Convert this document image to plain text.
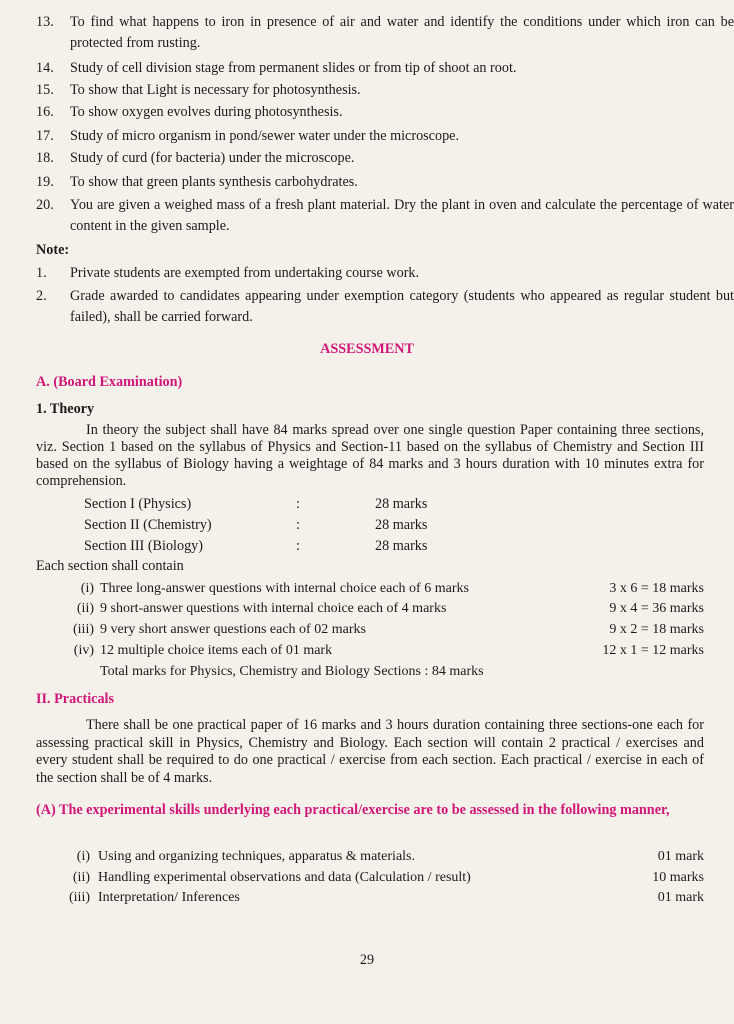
13.	To find what happens to iron in presence of air and water and identify the conditions under which iron can be protected from rusting.
14.	Study of cell division stage from permanent slides or from tip of shoot an root.
15.	To show that Light is necessary for photosynthesis.
16.	To show oxygen evolves during photosynthesis.
17.	Study of micro organism in pond/sewer water under the microscope.
18.	Study of curd (for bacteria) under the microscope.
19.	To show that green plants synthesis carbohydrates.
20.	You are given a weighed mass of a fresh plant material. Dry the plant in oven and calculate the percentage of water content in the given sample.
Note:
1.	Private students are exempted from undertaking course work.
2.	Grade awarded to candidates appearing under exemption category (students who appeared as regular student but failed), shall be carried forward.
ASSESSMENT
A. (Board Examination)
1. Theory
In theory the subject shall have 84 marks spread over one single question Paper containing three sections, viz. Section 1 based on the syllabus of Physics and Section-11 based on the syllabus of Chemistry and Section III based on the syllabus of Biology having a weightage of 84 marks and 3 hours duration with 10 minutes extra for comprehension.
Section I (Physics)	:	28 marks
Section II (Chemistry)	:	28 marks
Section III (Biology)	:	28 marks
Each section shall contain
(i) Three long-answer questions with internal choice each of 6 marks	3 x 6 = 18 marks
(ii) 9 short-answer questions with internal choice each of 4 marks	9 x 4 = 36 marks
(iii) 9 very short answer questions each of 02 marks	9 x 2 = 18 marks
(iv) 12 multiple choice items each of 01 mark	12 x 1 = 12 marks
Total marks for Physics, Chemistry and Biology Sections : 84 marks
II. Practicals
There shall be one practical paper of 16 marks and 3 hours duration containing three sections-one each for assessing practical skill in Physics, Chemistry and Biology. Each section will contain 2 practical / exercises and every student shall be required to do one practical / exercise from each section. Each practical / exercise in each of the section shall be of 4 marks.
(A) The experimental skills underlying each practical/exercise are to be assessed in the following manner,
(i) Using and organizing techniques, apparatus & materials.	01 mark
(ii) Handling experimental observations and data (Calculation / result)	10 marks
(iii) Interpretation/ Inferences	01 mark
29
